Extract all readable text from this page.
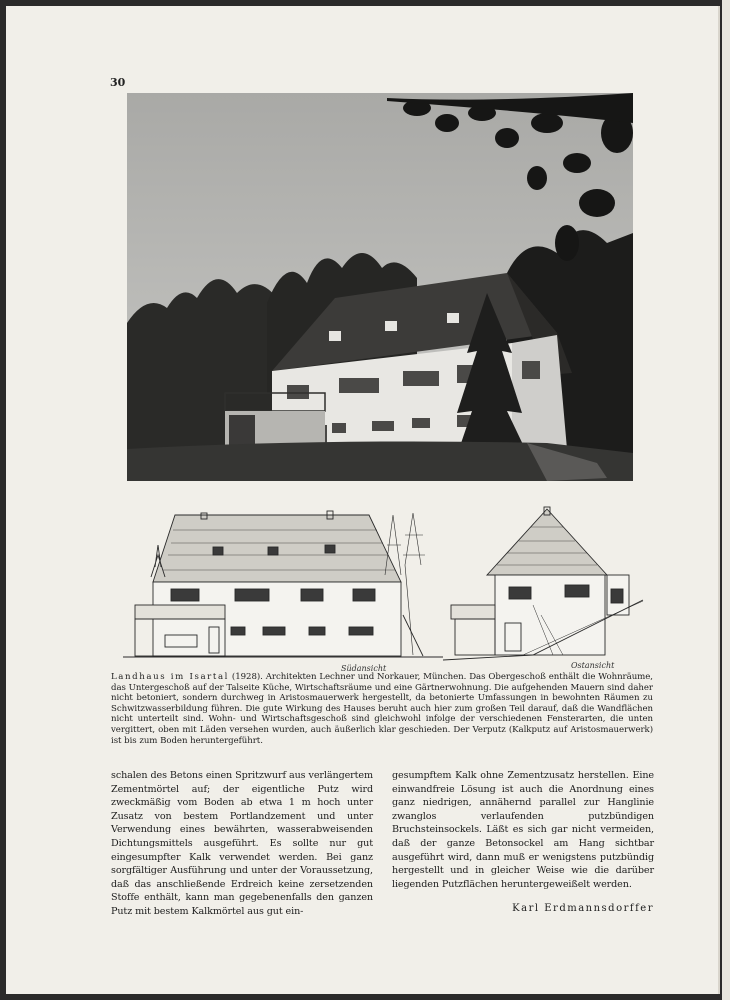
30
Südansicht	Ostansicht
Landhaus im Isartal (1928). Architekten Lechner und Norkauer, München. Das Obergeschoß enthält die Wohnräume, das Untergeschoß auf der Talseite Küche, Wirtschaftsräume und eine Gärtnerwohnung. Die aufgehenden Mauern sind daher nicht betoniert, sondern durchweg in Aristosmauerwerk hergestellt, da betonierte Umfassungen in bewohnten Räumen zu Schwitzwasserbildung führen. Die gute Wirkung des Hauses beruht auch hier zum großen Teil darauf, daß die Wandflächen nicht unterteilt sind. Wohn- und Wirtschaftsgeschoß sind gleichwohl infolge der verschiedenen Fensterarten, die unten vergittert, oben mit Läden versehen wurden, auch äußerlich klar geschieden. Der Verputz (Kalkputz auf Aristosmauerwerk) ist bis zum Boden heruntergeführt.
schalen des Betons einen Spritzwurf aus verlängertem Zementmörtel auf; der eigentliche Putz wird zweckmäßig vom Boden ab etwa 1 m hoch unter Zusatz von bestem Portlandzement und unter Verwendung eines bewährten, wasserabweisenden Dichtungsmittels ausgeführt. Es sollte nur gut eingesumpfter Kalk verwendet werden. Bei ganz sorgfältiger Ausführung und unter der Voraussetzung, daß das anschließende Erdreich keine zersetzenden Stoffe enthält, kann man gegebenenfalls den ganzen Putz mit bestem Kalkmörtel aus gut ein-
gesumpftem Kalk ohne Zementzusatz herstellen. Eine einwandfreie Lösung ist auch die Anordnung eines ganz niedrigen, annähernd parallel zur Hanglinie zwanglos verlaufenden putzbündigen Bruchsteinsockels. Läßt es sich gar nicht vermeiden, daß der ganze Betonsockel am Hang sichtbar ausgeführt wird, dann muß er wenigstens putzbündig hergestellt und in gleicher Weise wie die darüber liegenden Putzflächen heruntergeweißelt werden.
Karl Erdmannsdorffer
